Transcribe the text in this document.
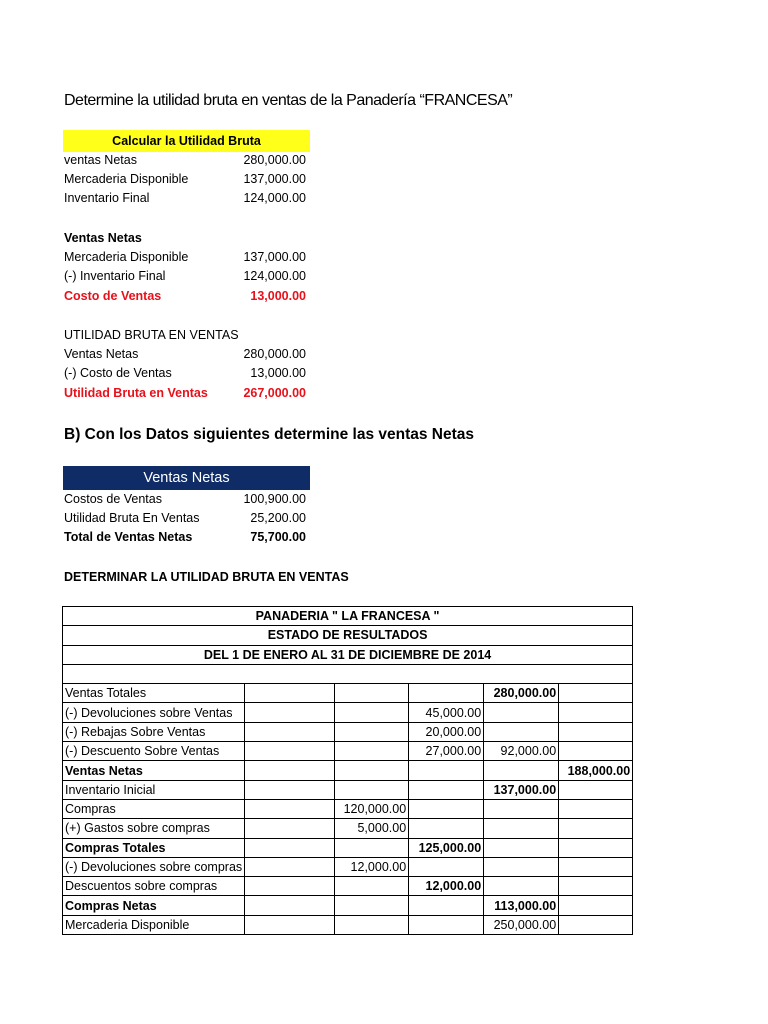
Determine la utilidad bruta en ventas de la Panadería “FRANCESA”
Calcular la Utilidad Bruta
ventas Netas	280,000.00
Mercaderia Disponible	137,000.00
Inventario Final	124,000.00
Ventas Netas
Mercaderia Disponible	137,000.00
(-) Inventario Final	124,000.00
Costo de Ventas	13,000.00
UTILIDAD BRUTA EN VENTAS
Ventas Netas	280,000.00
(-) Costo de Ventas	13,000.00
Utilidad Bruta en Ventas	267,000.00
B) Con los Datos siguientes determine las ventas Netas
Ventas Netas
Costos de Ventas	100,900.00
Utilidad Bruta En Ventas	25,200.00
Total de Ventas Netas	75,700.00
DETERMINAR LA UTILIDAD BRUTA EN VENTAS
PANADERIA " LA FRANCESA "					
ESTADO DE RESULTADOS					
DEL 1 DE ENERO AL 31 DE DICIEMBRE DE 2014					

Ventas Totales				280,000.00	
(-) Devoluciones sobre Ventas			45,000.00		
(-) Rebajas Sobre Ventas			20,000.00		
(-) Descuento Sobre Ventas			27,000.00	92,000.00	
Ventas Netas					188,000.00
Inventario Inicial				137,000.00	
Compras		120,000.00			
(+) Gastos sobre compras		5,000.00			
Compras Totales			125,000.00		
(-) Devoluciones sobre compras		12,000.00			
Descuentos sobre compras			12,000.00		
Compras Netas				113,000.00	
Mercaderia Disponible				250,000.00	
